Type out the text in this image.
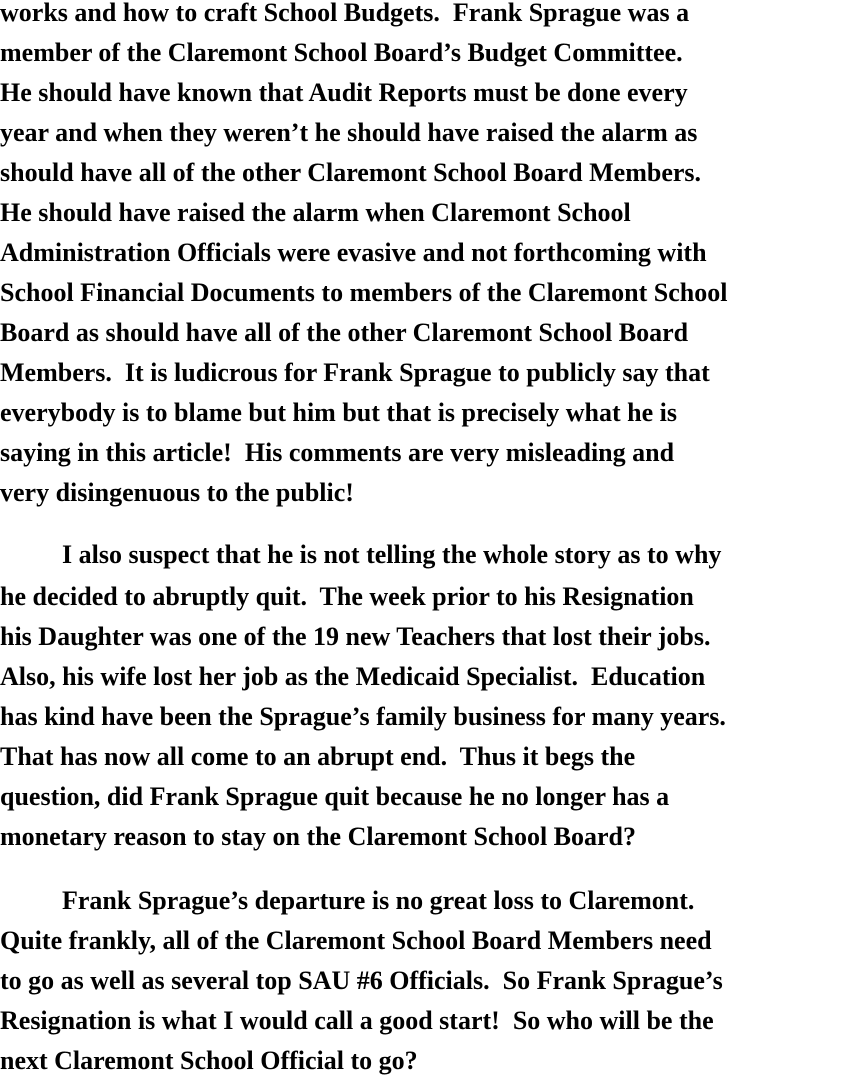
works and how to craft School Budgets.  Frank Sprague was a
member of the Claremont School Board’s Budget Committee.
He should have known that Audit Reports must be done every
year and when they weren’t he should have raised the alarm as
should have all of the other Claremont School Board Members.
He should have raised the alarm when Claremont School
Administration Officials were evasive and not forthcoming with
School Financial Documents to members of the Claremont School
Board as should have all of the other Claremont School Board
Members.  It is ludicrous for Frank Sprague to publicly say that
everybody is to blame but him but that is precisely what he is
saying in this article!  His comments are very misleading and
very disingenuous to the public!
I also suspect that he is not telling the whole story as to why
he decided to abruptly quit.  The week prior to his Resignation
his Daughter was one of the 19 new Teachers that lost their jobs.
Also, his wife lost her job as the Medicaid Specialist.  Education
has kind have been the Sprague’s family business for many years.
That has now all come to an abrupt end.  Thus it begs the
question, did Frank Sprague quit because he no longer has a
monetary reason to stay on the Claremont School Board?
Frank Sprague’s departure is no great loss to Claremont.
Quite frankly, all of the Claremont School Board Members need
to go as well as several top SAU #6 Officials.  So Frank Sprague’s
Resignation is what I would call a good start!  So who will be the
next Claremont School Official to go?
